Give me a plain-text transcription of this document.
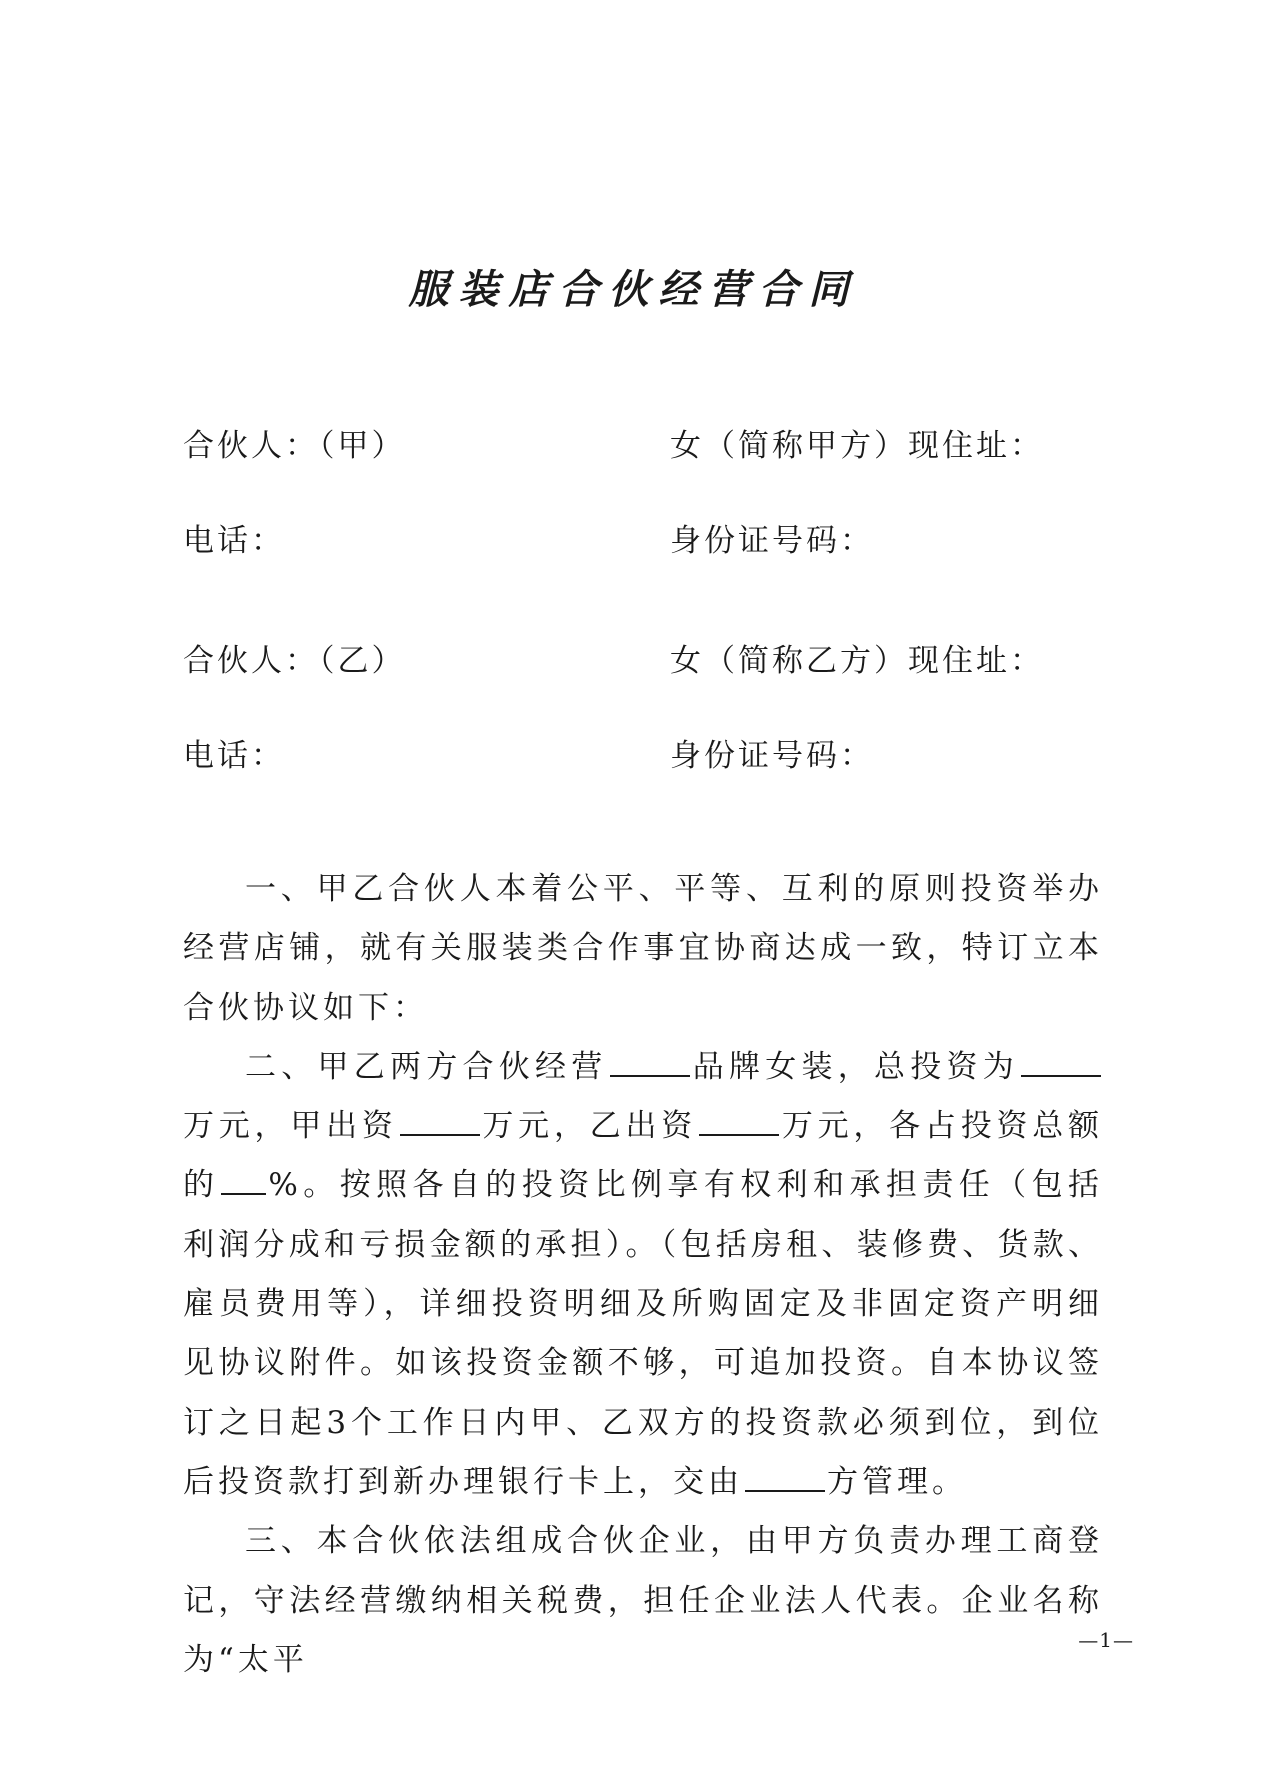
服装店合伙经营合同
合伙人：（甲）	女（简称甲方）现住址：
电话：	身份证号码：
合伙人：（乙）	女（简称乙方）现住址：
电话：	身份证号码：

一、甲乙合伙人本着公平、平等、互利的原则投资举办经营店铺，就有关服装类合作事宜协商达成一致，特订立本合伙协议如下：

二、甲乙两方合伙经营	品牌女装，总投资为万元，甲出资	万元，乙出资	万元，各占投资总额的 %。按照各自的投资比例享有权利和承担责任（包括利润分成和亏损金额的承担）。（包括房租、装修费、货款、雇员费用等），详细投资明细及所购固定及非固定资产明细见协议附件。如该投资金额不够，可追加投资。自本协议签订之日起3个工作日内甲、乙双方的投资款必须到位，到位后投资款打到新办理银行卡上，交由	方管理。

三、本合伙依法组成合伙企业，由甲方负责办理工商登记，守法经营缴纳相关税费，担任企业法人代表。企业名称为“太平

—1—
